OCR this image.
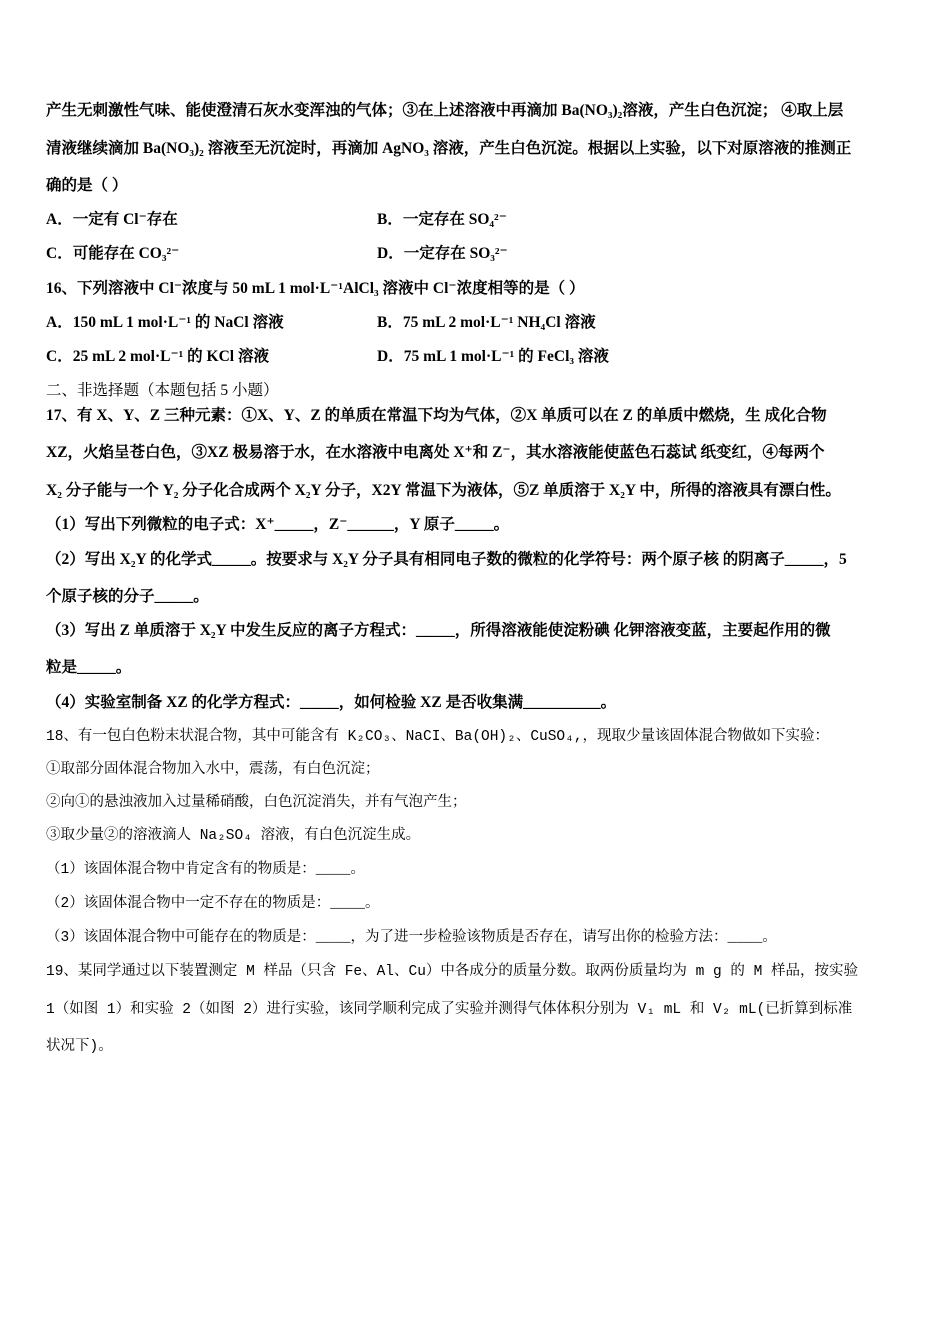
产生无刺激性气味、能使澄清石灰水变浑浊的气体；③在上述溶液中再滴加 Ba(NO₃)₂溶液，产生白色沉淀； ④取上层
清液继续滴加 Ba(NO₃)₂ 溶液至无沉淀时，再滴加 AgNO₃ 溶液，产生白色沉淀。根据以上实验，以下对原溶液的推测正
确的是（ ）
A．一定有 Cl⁻存在	B．一定存在 SO₄²⁻
C．可能存在 CO₃²⁻	D．一定存在 SO₃²⁻
16、下列溶液中 Cl⁻浓度与 50 mL 1 mol·L⁻¹AlCl₃ 溶液中 Cl⁻浓度相等的是（ ）
A．150 mL 1 mol·L⁻¹ 的 NaCl 溶液	B．75 mL 2 mol·L⁻¹ NH₄Cl 溶液
C．25 mL 2 mol·L⁻¹ 的 KCl 溶液	D．75 mL 1 mol·L⁻¹ 的 FeCl₃ 溶液
二、非选择题（本题包括 5 小题）
17、有 X、Y、Z 三种元素：①X、Y、Z 的单质在常温下均为气体，②X 单质可以在 Z 的单质中燃烧，生 成化合物
XZ，火焰呈苍白色，③XZ 极易溶于水，在水溶液中电离处 X⁺和 Z⁻，其水溶液能使蓝色石蕊试 纸变红，④每两个
X₂ 分子能与一个 Y₂ 分子化合成两个 X₂Y 分子，X2Y 常温下为液体，⑤Z 单质溶于 X₂Y 中，所得的溶液具有漂白性。
（1）写出下列微粒的电子式：X⁺_____，Z⁻______，Y 原子_____。
（2）写出 X₂Y 的化学式_____。按要求与 X₂Y 分子具有相同电子数的微粒的化学符号：两个原子核 的阴离子_____，5
个原子核的分子_____。
（3）写出 Z 单质溶于 X₂Y 中发生反应的离子方程式：_____，所得溶液能使淀粉碘 化钾溶液变蓝，主要起作用的微
粒是_____。
（4）实验室制备 XZ 的化学方程式：_____，如何检验 XZ 是否收集满__________。
18、有一包白色粉末状混合物，其中可能含有 K₂CO₃、NaCI、Ba(OH)₂、CuSO₄,，现取少量该固体混合物做如下实验：
①取部分固体混合物加入水中，震荡，有白色沉淀；
②向①的悬浊液加入过量稀硝酸，白色沉淀消失，并有气泡产生；
③取少量②的溶液滴人 Na₂SO₄ 溶液，有白色沉淀生成。
（1）该固体混合物中肯定含有的物质是：____。
（2）该固体混合物中一定不存在的物质是：____。
（3）该固体混合物中可能存在的物质是：____，为了进一步检验该物质是否存在，请写出你的检验方法：____。
19、某同学通过以下装置测定 M 样品（只含 Fe、Al、Cu）中各成分的质量分数。取两份质量均为 m g 的 M 样品，按实验
1（如图 1）和实验 2（如图 2）进行实验，该同学顺利完成了实验并测得气体体积分别为 V₁ mL 和 V₂ mL(已折算到标准
状况下)。
